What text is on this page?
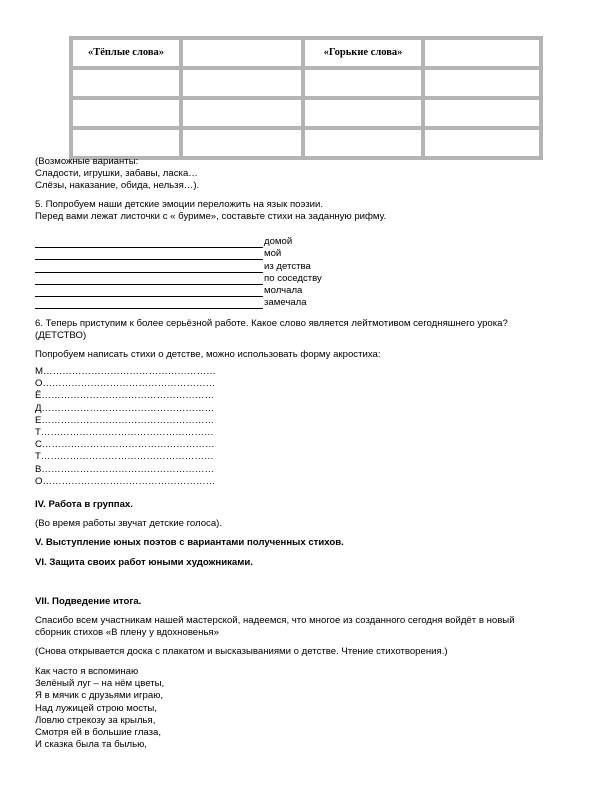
«Тёплые слова»		«Горькие слова»	

(Возможные варианты:
Сладости, игрушки, забавы, ласка…
Слёзы, наказание, обида, нельзя…).
5. Попробуем наши детские эмоции переложить на язык поэзии.
Перед вами лежат листочки с « буриме», составьте стихи на заданную рифму.
домой
мой
из детства
по соседству
молчала
замечала
6. Теперь приступим к более серьёзной работе. Какое слово является лейтмотивом сегодняшнего урока?
(ДЕТСТВО)
Попробуем написать стихи о детстве, можно использовать форму акростиха:
М………………………………………………
О………………………………………………
Ё………………………………………………
Д………………………………………………
Е………………………………………………
Т………………………………………………
С………………………………………………
Т………………………………………………
В………………………………………………
О………………………………………………
IV. Работа в группах.
(Во время работы звучат детские голоса).
V. Выступление юных поэтов с вариантами полученных стихов.
VI. Защита своих работ юными художниками.
VII. Подведение итога.
Спасибо всем участникам нашей мастерской, надеемся, что многое из созданного сегодня войдёт в новый
сборник стихов «В плену у вдохновенья»
(Снова открывается доска с плакатом и высказываниями о детстве. Чтение стихотворения.)
Как часто я вспоминаю
Зелёный луг – на нём цветы,
Я в мячик с друзьями играю,
Над лужицей строю мосты,
Ловлю стрекозу за крылья,
Смотря ей в большие глаза,
И сказка была та былью,
